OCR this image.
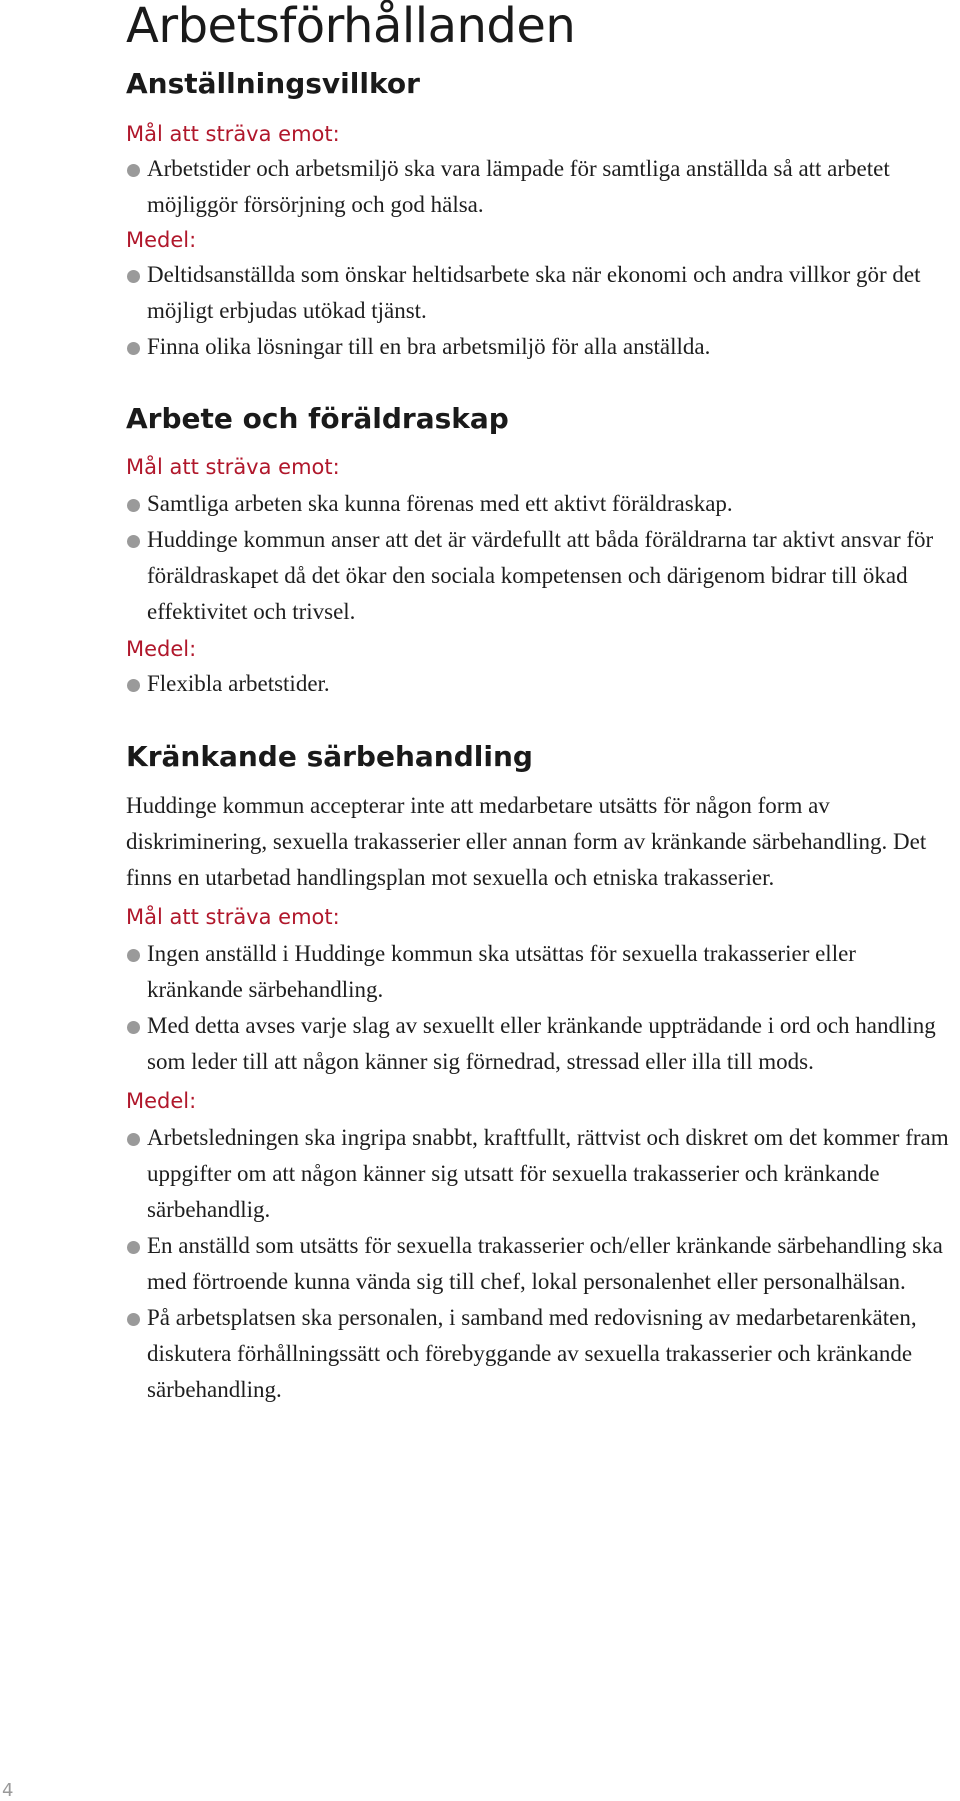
Arbetsförhållanden
Anställningsvillkor

Mål att sträva emot:

Arbetstider och arbetsmiljö ska vara lämpade för samtliga anställda så att arbetet möjliggör försörjning och god hälsa.

Medel:

Deltidsanställda som önskar heltidsarbete ska när ekonomi och andra villkor gör det möjligt erbjudas utökad tjänst.
Finna olika lösningar till en bra arbetsmiljö för alla anställda.
Arbete och föräldraskap

Mål att sträva emot:

Samtliga arbeten ska kunna förenas med ett aktivt föräldraskap.
Huddinge kommun anser att det är värdefullt att båda föräldrarna tar aktivt ansvar för föräldraskapet då det ökar den sociala kompetensen och därigenom bidrar till ökad effektivitet och trivsel.

Medel:

Flexibla arbetstider.
Kränkande särbehandling

Huddinge kommun accepterar inte att medarbetare utsätts för någon form av diskriminering, sexuella trakasserier eller annan form av kränkande särbehandling. Det finns en utarbetad handlingsplan mot sexuella och etniska trakasserier.

Mål att sträva emot:

Ingen anställd i Huddinge kommun ska utsättas för sexuella trakasserier eller kränkande särbehandling.
Med detta avses varje slag av sexuellt eller kränkande uppträdande i ord och handling som leder till att någon känner sig förnedrad, stressad eller illa till mods.

Medel:

Arbetsledningen ska ingripa snabbt, kraftfullt, rättvist och diskret om det kommer fram uppgifter om att någon känner sig utsatt för sexuella trakasserier och kränkande särbehandlig.
En anställd som utsätts för sexuella trakasserier och/eller kränkande särbehandling ska med förtroende kunna vända sig till chef, lokal personalenhet eller personalhälsan.
På arbetsplatsen ska personalen, i samband med redovisning av medarbetarenkäten, diskutera förhållningssätt och förebyggande av sexuella trakasserier och kränkande särbehandling.
4
